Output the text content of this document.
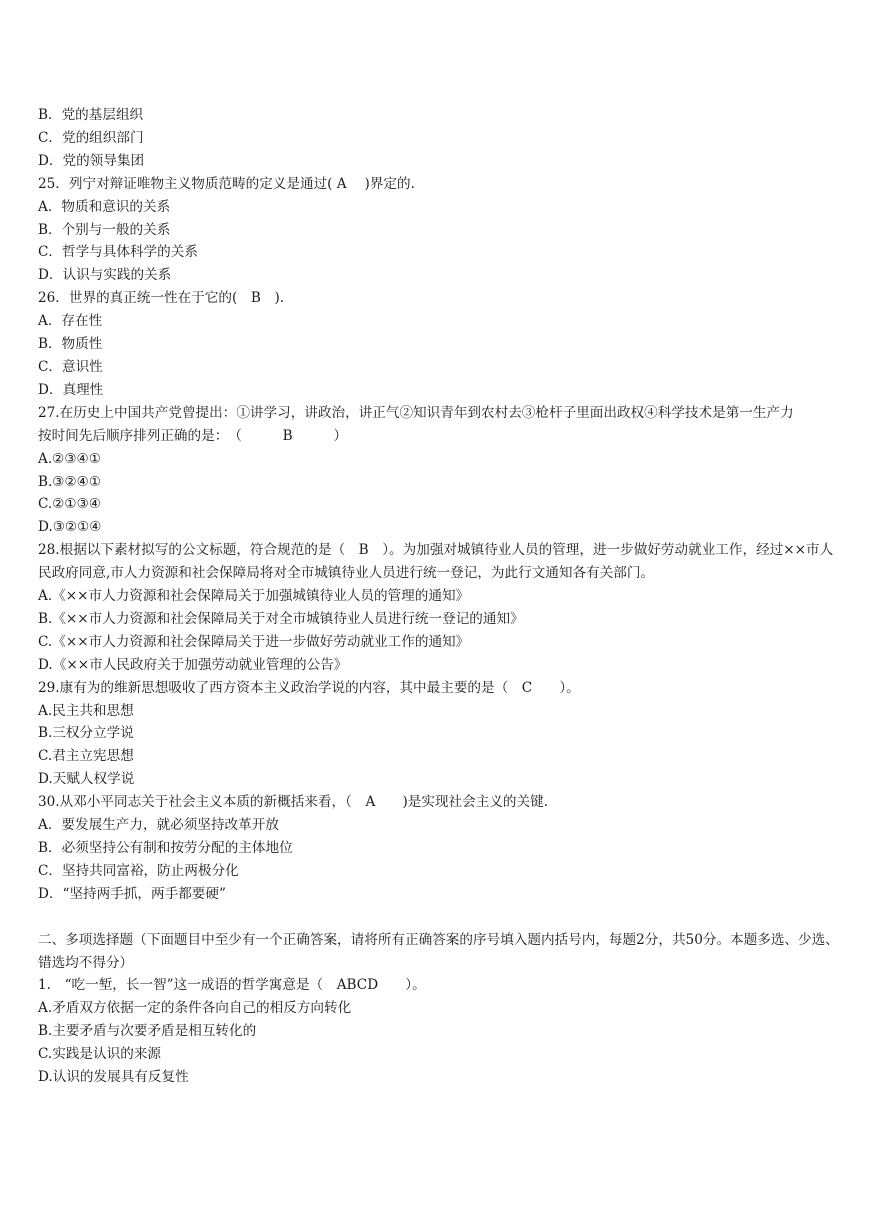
B．党的基层组织
C．党的组织部门
D．党的领导集团
25．列宁对辩证唯物主义物质范畴的定义是通过( A　 )界定的.
A．物质和意识的关系
B．个别与一般的关系
C．哲学与具体科学的关系
D．认识与实践的关系
26．世界的真正统一性在于它的(　B　).
A．存在性
B．物质性
C．意识性
D．真理性
27.在历史上中国共产党曾提出：①讲学习，讲政治，讲正气②知识青年到农村去③枪杆子里面出政权④科学技术是第一生产力
按时间先后顺序排列正确的是：　（　　　B　　　）
A.②③④①
B.③②④①
C.②①③④
D.③②①④
28.根据以下素材拟写的公文标题，符合规范的是（　B　）。为加强对城镇待业人员的管理，进一步做好劳动就业工作，经过××市人民政府同意,市人力资源和社会保障局将对全市城镇待业人员进行统一登记，为此行文通知各有关部门。
A.《××市人力资源和社会保障局关于加强城镇待业人员的管理的通知》
B.《××市人力资源和社会保障局关于对全市城镇待业人员进行统一登记的通知》
C.《××市人力资源和社会保障局关于进一步做好劳动就业工作的通知》
D.《××市人民政府关于加强劳动就业管理的公告》
29.康有为的维新思想吸收了西方资本主义政治学说的内容，其中最主要的是（　C　　）。
A.民主共和思想
B.三权分立学说
C.君主立宪思想
D.天赋人权学说
30.从邓小平同志关于社会主义本质的新概括来看，（　A　　)是实现社会主义的关键.
A．要发展生产力，就必须坚持改革开放
B．必须坚持公有制和按劳分配的主体地位
C．坚持共同富裕，防止两极分化
D．“坚持两手抓，两手都要硬”
二、多项选择题（下面题目中至少有一个正确答案，请将所有正确答案的序号填入题内括号内，每题2分，共50分。本题多选、少选、错选均不得分）
1.　“吃一堑，长一智”这一成语的哲学寓意是（　ABCD　　）。
A.矛盾双方依据一定的条件各向自己的相反方向转化
B.主要矛盾与次要矛盾是相互转化的
C.实践是认识的来源
D.认识的发展具有反复性
